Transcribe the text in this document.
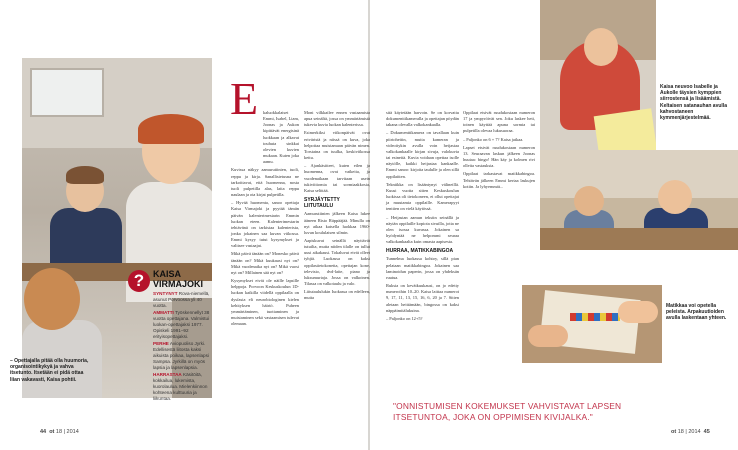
– Opettajalla pitää olla huumoria, organisointikykyä ja vahva itsetunto. Itsetään ei pidä ottaa liian vakavasti, Kaisa pohtii.
? KAISA
VIRMAJOKI
SYNTYNYT Rova-niemellä, asunut Porvoossa yli 40 vuotta.
AMMATTI Työskennellyt 38 vuotta opettajana. Valmistui luokan-opettajaksi 1977. Opiskeli 1991–92 erityisopettajaksi.
PERHE Aviopuoliso Jyrki. Edellisestä liitosta kaksi aikuista poikaa, lapsenlapsi Sampsa. Jyrkillä on myös lapsia ja lapsenlapsia.
HARRASTAA Käsitöitä, kokkailua, lukemista, kuorolaulua. Mielenkiinnon kohteena kulttuuria ja liikuntaa.
E	kaluokkalaiset Emmi, Isabel, Liam, Joonas ja Aukon kipittävät energisinä luokkaan ja alkavat touhuta sinkkai olevien kuvien mukaan. Kuten joka aamu.

Kuvissa näkyy aamurutiinien, tuoli, reppu ja kirja. Sanallistetusna ne tarkoittavat, että huomenna, nosta tuoli pulpetilla alas, laita reppu naulaan ja ota kirjat pulpetilla.

– Hyvää huomenta, sanoo opettaja Kaisa Virmajoki ja pyytää tämän päivän kalenterimestarin Emmin luokan eteen. Kalenterimestarin tehtävänä on tarkistaa kalenterista, jonka jokainen saa kuvan viikossa. Emmi kysyy tutut kysymykset ja valitsee vastaajat.

Mikä päivä tänään on? Monesko päivä tänään on? Mikä kuukausi nyt on? Mikä vuodenaika nyt on? Mikä vuosi nyt on? Millainen sää nyt on?

Kysymykset eivät ole näille lapsille helppoja. Porvoon Keskuskoulun 1D-luokan kaikilla viidellä oppilaalla on dysfasia eli neurobiologinen kielen kehityksen häiriö. Puheen ymmärtäminen, tuottaminen ja muistaminen sekä vastaamisen tulevat olemaan.

Moni vilkkailee ennen vastaamista apua seinältä, jossa on ymmärtämistä tukevia kuvia luokan kalenterissa.

Esimerkiksi viikonpäivät ovat eriväristä ja niissä on kuva, joka helpottaa muistamaan päivän nimen. Torstaina on tuulka, keskiviikossa kettu.

– Ajankäsitteet, kuten eilen ja huomenna, ovat vaikeita, ja vuodenaikaan tarvitaan usein tukiviittomia tai sormiaakkosia, Kaisa selittää.

SYRJÄYTETTY LIITUTAULU

Aamurutiinien jälkeen Kaisa lukee ääneen Risto Räppääjää. Minulla on nyt aikaa katsella luokkaa 1960-luvun koululaisen silmin.

Aapiskuvat seinällä näyttävät tutuilta, mutta niiden tilalle on tullut uusi aikakausi. Tokaluvut eivät olleet tyhjiä. Luokassa on kaksi oppilastietokonetta, opettajan kone, televisio, dvd-laite, piano ja luksumurtaja. Jossa on valkoinen. Tilassa on valkotaulu ja valo.

Liitutaululukin Iuokassa on edelleen, mutta

sitä käytetään harvoin. Se on korvattu dokumenttikameralla ja opettajan pöydän takana olevalla valkokankaalla.

– Dokumenttikamera on tavallaan kuin piirtoheitin, mutta kameran ja videoitykin avulla voin heijastaa valkokankaalle kirjan sivuja, valokuvia tai esineitä. Kuvia voidaan opettaa isolle näytölle, kaikki heijastaa kankaalle. Emmi sanoo: kirjoita taululle ja olen sillä oppilaitten.

Tekniikka on lisääntynyt välineillä. Kuusi vuotta sitten Keskuskoulun luokissa oli tietokoneen, ei ollut opettajat ja muutamia oppilaille. Kamerapyyt tenttien on vielä käytössä.

– Heijastan aamun tekstin seinällä ja näytän oppilaille kopiota sivuilla, jotta ne olen isossa kuvassa. Jokainen sa hyödyntää ne helpommi seuraa valkokankaalta kuin omasta aapisesta.

HURRAA, MATIKKABINGOA

Tunnelma luokassa kohtoy, sillä pian pelataan matikkabingoa. Jokainen saa laminoidun paperin, jossa on yhdeksän ruutua.

Ruksia on kevätkuukausi, on jo edetty numeroihin 10–20. Kaisa laittaa numerot 9, 17, 11, 13, 15, 16, 6, 20 ja 7. Sitten aletaan heittämään, bingossa on kaksi näppäimitälukuina.

– Paljonko on 12+5?

Oppilaat etsivät ruudukostaan numeron 17 ja ympyröivät sen. Joku laskee heti, toinen käyttää apuna sormia tai pulpetilla olevaa lukusuoraa.

– Paljonko on 6 + 7? Kaisa jatkaa.

Lapset etsivät ruudukostaan numeron 13. Seuraavan laskun jälkeen Joonas huutaa: bingo! Hän käy ja kolmen rivi olleita vastauksia.

Oppilaat tarkastavat matikkabingoa. Tehtävän jälkeen Emmi kertaa laskujen kotiin. Ja lyhyemmät...

Kaisa neuvoo Isabelle ja Aukolle täysien kymppien siirrostensä ja lisäämistä. Keltaisen satanauhan avulla kahvostaneen kymmenjärjestelmää.
Matikkaa voi opetella peleista. Arpakuutioiden avulla laskentaan yhteen.
"ONNISTUMISEN KOKEMUKSET VAHVISTAVAT LAPSEN ITSETUNTOA, JOKA ON OPPIMISEN KIVIJALKA."
44 ot 18 | 2014	ot 18 | 2014 45
